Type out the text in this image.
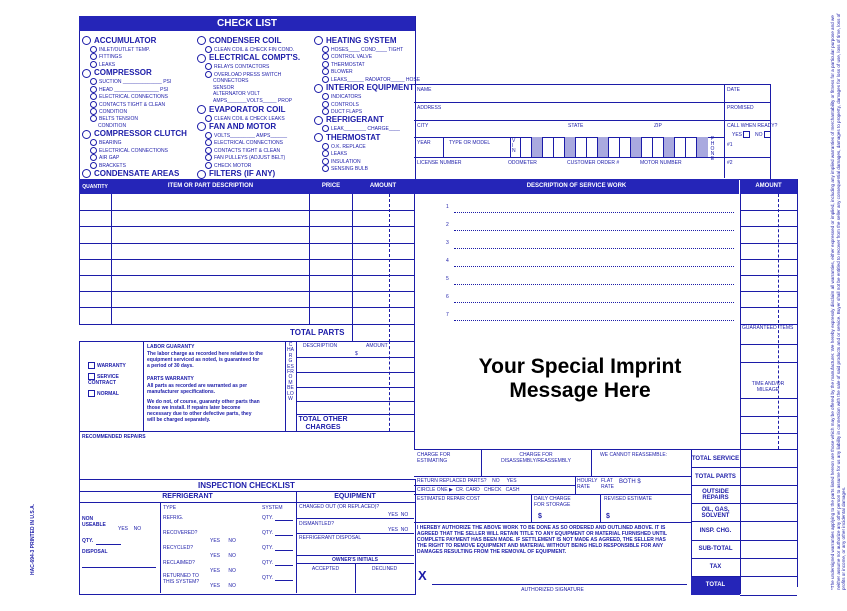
CHECK LIST
ACCUMULATOR
INLET/OUTLET TEMP.
FITTINGS
LEAKS
COMPRESSOR
SUCTION ______________ PSI
HEAD ________________ PSI
ELECTRICAL CONNECTIONS
CONTACTS TIGHT & CLEAN
CONDITION
BELTS TENSION
CONDITION
COMPRESSOR CLUTCH
BEARING
ELECTRICAL CONNECTIONS
AIR GAP
BRACKETS
CONDENSATE AREAS
CONDENSER COIL
CLEAN COIL & CHECK FIN COND.
ELECTRICAL COMPT'S.
RELAYS CONTACTORS
OVERLOAD PRESS SWITCH
CONNECTORS
SENSOR
ALTERNATOR VOLT
AMPS_______VOLTS_____ PROP
EVAPORATOR COIL
CLEAN COIL & CHECK LEAKS
FAN AND MOTOR
VOLTS_________ AMPS______
ELECTRICAL CONNECTIONS
CONTACTS TIGHT & CLEAN
FAN PULLEYS (ADJUST BELT)
CHECK MOTOR
FILTERS (IF ANY)
HEATING SYSTEM
HOSES____ COND____ TIGHT
CONTROL VALVE
THERMOSTAT
BLOWER
LEAKS______ RADIATOR_____ HOSE
INTERIOR EQUIPMENT
INDICATORS
CONTROLS
DUCT FLAPS
REFRIGERANT
LEAK________ CHARGE____
THERMOSTAT
O.K. REPLACE
LEAKS
INSULATION
SENSING BULB
NAME	DATE
ADDRESS	PROMISED
CITY	STATE	ZIP	CALL WHEN READY?
YES	NO
YEAR	TYPE OR MODEL	V I N
P H O N E
#1
#2
LICENSE NUMBER	ODOMETER	CUSTOMER ORDER #	MOTOR NUMBER
QUANTITY	ITEM OR PART DESCRIPTION	PRICE	AMOUNT
TOTAL PARTS
WARRANTY
SERVICE CONTRACT
NORMAL
LABOR GUARANTY
The labor charge as recorded here relative to the
equipment serviced as noted, is guaranteed for
a period of 30 days.
PARTS WARRANTY
All parts as recorded are warranted as per
manufacturer specifications.
We do not, of course, guaranty other parts than
those we install. If repairs later become
necessary due to other defective parts, they
will be charged separately.
CHARGES FROM BELOW
DESCRIPTION	AMOUNT
$
TOTAL OTHER CHARGES
RECOMMENDED REPAIRS
DESCRIPTION OF SERVICE WORK	AMOUNT
1
2
3
4
5
6
7
GUARANTEED ITEMS
TIME AND/OR MILEAGE
Your Special Imprint
Message Here
CHARGE FOR ESTIMATING
CHARGE FOR DISASSEMBLY/REASSEMBLY
WE CANNOT REASSEMBLE:
RETURN REPLACED PARTS? NO YES	HOURLY RATE
FLAT RATE
BOTH $
CIRCLE ONE ▶ CR. CARD CHECK CASH
ESTIMATED REPAIR COST	DAILY CHARGE FOR STORAGE
REVISED ESTIMATE
$	$
I HEREBY AUTHORIZE THE ABOVE WORK TO BE DONE AS SO ORDERED AND OUTLINED ABOVE. IT IS
AGREED THAT THE SELLER WILL RETAIN TITLE TO ANY EQUIPMENT OR MATERIAL FURNISHED UNTIL
COMPLETE PAYMENT HAS BEEN MADE. IF SETTLEMENT IS NOT MADE AS AGREED, THE SELLER HAS
THE RIGHT TO REMOVE EQUIPMENT AND MATERIAL WITHOUT BEING HELD RESPONSIBLE FOR ANY
DAMAGES RESULTING FROM THE REMOVAL OF EQUIPMENT.
X
AUTHORIZED SIGNATURE
TOTAL SERVICE
TOTAL PARTS
OUTSIDE REPAIRS
OIL, GAS, SOLVENT
INSP. CHG.
SUB-TOTAL
TAX
TOTAL
INSPECTION CHECKLIST
REFRIGERANT	EQUIPMENT
NON USEABLE
YES NO
QTY.
DISPOSAL
TYPE	SYSTEM
REFRIG.	QTY.
RECOVERED?
YES NO
QTY.
RECYCLED?
YES NO
QTY.
RECLAIMED?
YES NO
QTY.
RETURNED TO THIS SYSTEM?
YES NO
QTY.
CHANGED OUT (OR REPLACED)?
YES NO
DISMANTLED?
YES NO
REFRIGERANT DISPOSAL
OWNER'S INITIALS
ACCEPTED	DECLINED
HAC-694-3 PRINTED IN U.S.A.	*The undersigned warranties applying to the parts listed hereon are those which may be offered by the manufacturer. We hereby expressly disclaim all warranties, either expressed or implied, including any implied warranties of merchantability or fitness for a particular purpose and we neither assume nor authorize any other person to assume for us any liability in connection with the sale of said products and or service. Buyer shall not be entitled to recover from the seller any consequential damages, damages to property, damages for loss of use, loss of time, loss of profits or income, or any other incidental damages.
